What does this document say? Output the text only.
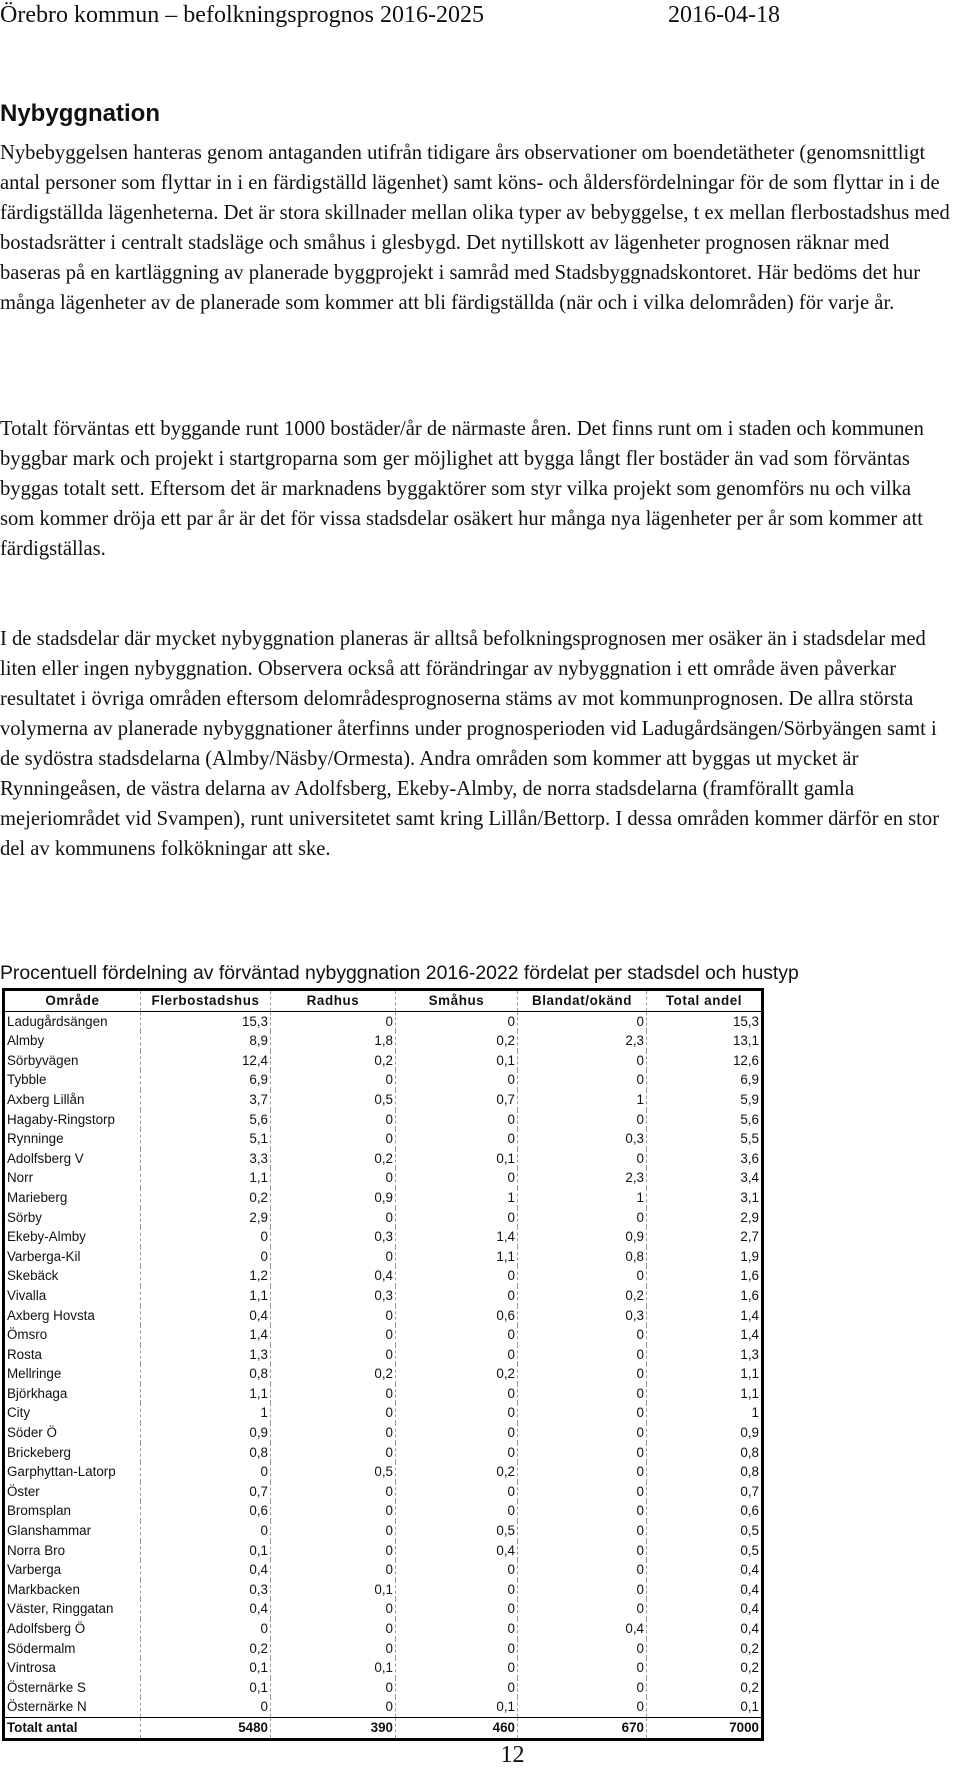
Örebro kommun – befolkningsprognos 2016-2025	2016-04-18
Nybyggnation

Nybebyggelsen hanteras genom antaganden utifrån tidigare års observationer om boendetätheter (genomsnittligt antal personer som flyttar in i en färdigställd lägenhet) samt köns- och åldersfördelningar för de som flyttar in i de färdigställda lägenheterna. Det är stora skillnader mellan olika typer av bebyggelse, t ex mellan flerbostadshus med bostadsrätter i centralt stadsläge och småhus i glesbygd. Det nytillskott av lägenheter prognosen räknar med baseras på en kartläggning av planerade byggprojekt i samråd med Stadsbyggnadskontoret. Här bedöms det hur många lägenheter av de planerade som kommer att bli färdigställda (när och i vilka delområden) för varje år.

Totalt förväntas ett byggande runt 1000 bostäder/år de närmaste åren. Det finns runt om i staden och kommunen byggbar mark och projekt i startgroparna som ger möjlighet att bygga långt fler bostäder än vad som förväntas byggas totalt sett. Eftersom det är marknadens byggaktörer som styr vilka projekt som genomförs nu och vilka som kommer dröja ett par år är det för vissa stadsdelar osäkert hur många nya lägenheter per år som kommer att färdigställas.

I de stadsdelar där mycket nybyggnation planeras är alltså befolkningsprognosen mer osäker än i stadsdelar med liten eller ingen nybyggnation. Observera också att förändringar av nybyggnation i ett område även påverkar resultatet i övriga områden eftersom delområdesprognoserna stäms av mot kommunprognosen. De allra största volymerna av planerade nybyggnationer återfinns under prognosperioden vid Ladugårdsängen/Sörbyängen samt i de sydöstra stadsdelarna (Almby/Näsby/Ormesta). Andra områden som kommer att byggas ut mycket är Rynningeåsen, de västra delarna av Adolfsberg, Ekeby-Almby, de norra stadsdelarna (framförallt gamla mejeriområdet vid Svampen), runt universitetet samt kring Lillån/Bettorp. I dessa områden kommer därför en stor del av kommunens folkökningar att ske.

Procentuell fördelning av förväntad nybyggnation 2016-2022 fördelat per stadsdel och hustyp
Område	Flerbostadshus	Radhus	Småhus	Blandat/okänd	Total andel
Ladugårdsängen	15,3	0	0	0	15,3
Almby	8,9	1,8	0,2	2,3	13,1
Sörbyvägen	12,4	0,2	0,1	0	12,6
Tybble	6,9	0	0	0	6,9
Axberg Lillån	3,7	0,5	0,7	1	5,9
Hagaby-Ringstorp	5,6	0	0	0	5,6
Rynninge	5,1	0	0	0,3	5,5
Adolfsberg V	3,3	0,2	0,1	0	3,6
Norr	1,1	0	0	2,3	3,4
Marieberg	0,2	0,9	1	1	3,1
Sörby	2,9	0	0	0	2,9
Ekeby-Almby	0	0,3	1,4	0,9	2,7
Varberga-Kil	0	0	1,1	0,8	1,9
Skebäck	1,2	0,4	0	0	1,6
Vivalla	1,1	0,3	0	0,2	1,6
Axberg Hovsta	0,4	0	0,6	0,3	1,4
Ömsro	1,4	0	0	0	1,4
Rosta	1,3	0	0	0	1,3
Mellringe	0,8	0,2	0,2	0	1,1
Björkhaga	1,1	0	0	0	1,1
City	1	0	0	0	1
Söder Ö	0,9	0	0	0	0,9
Brickeberg	0,8	0	0	0	0,8
Garphyttan-Latorp	0	0,5	0,2	0	0,8
Öster	0,7	0	0	0	0,7
Bromsplan	0,6	0	0	0	0,6
Glanshammar	0	0	0,5	0	0,5
Norra Bro	0,1	0	0,4	0	0,5
Varberga	0,4	0	0	0	0,4
Markbacken	0,3	0,1	0	0	0,4
Väster, Ringgatan	0,4	0	0	0	0,4
Adolfsberg Ö	0	0	0	0,4	0,4
Södermalm	0,2	0	0	0	0,2
Vintrosa	0,1	0,1	0	0	0,2
Östernärke S	0,1	0	0	0	0,2
Östernärke N	0	0	0,1	0	0,1
Totalt antal	5480	390	460	670	7000
12
